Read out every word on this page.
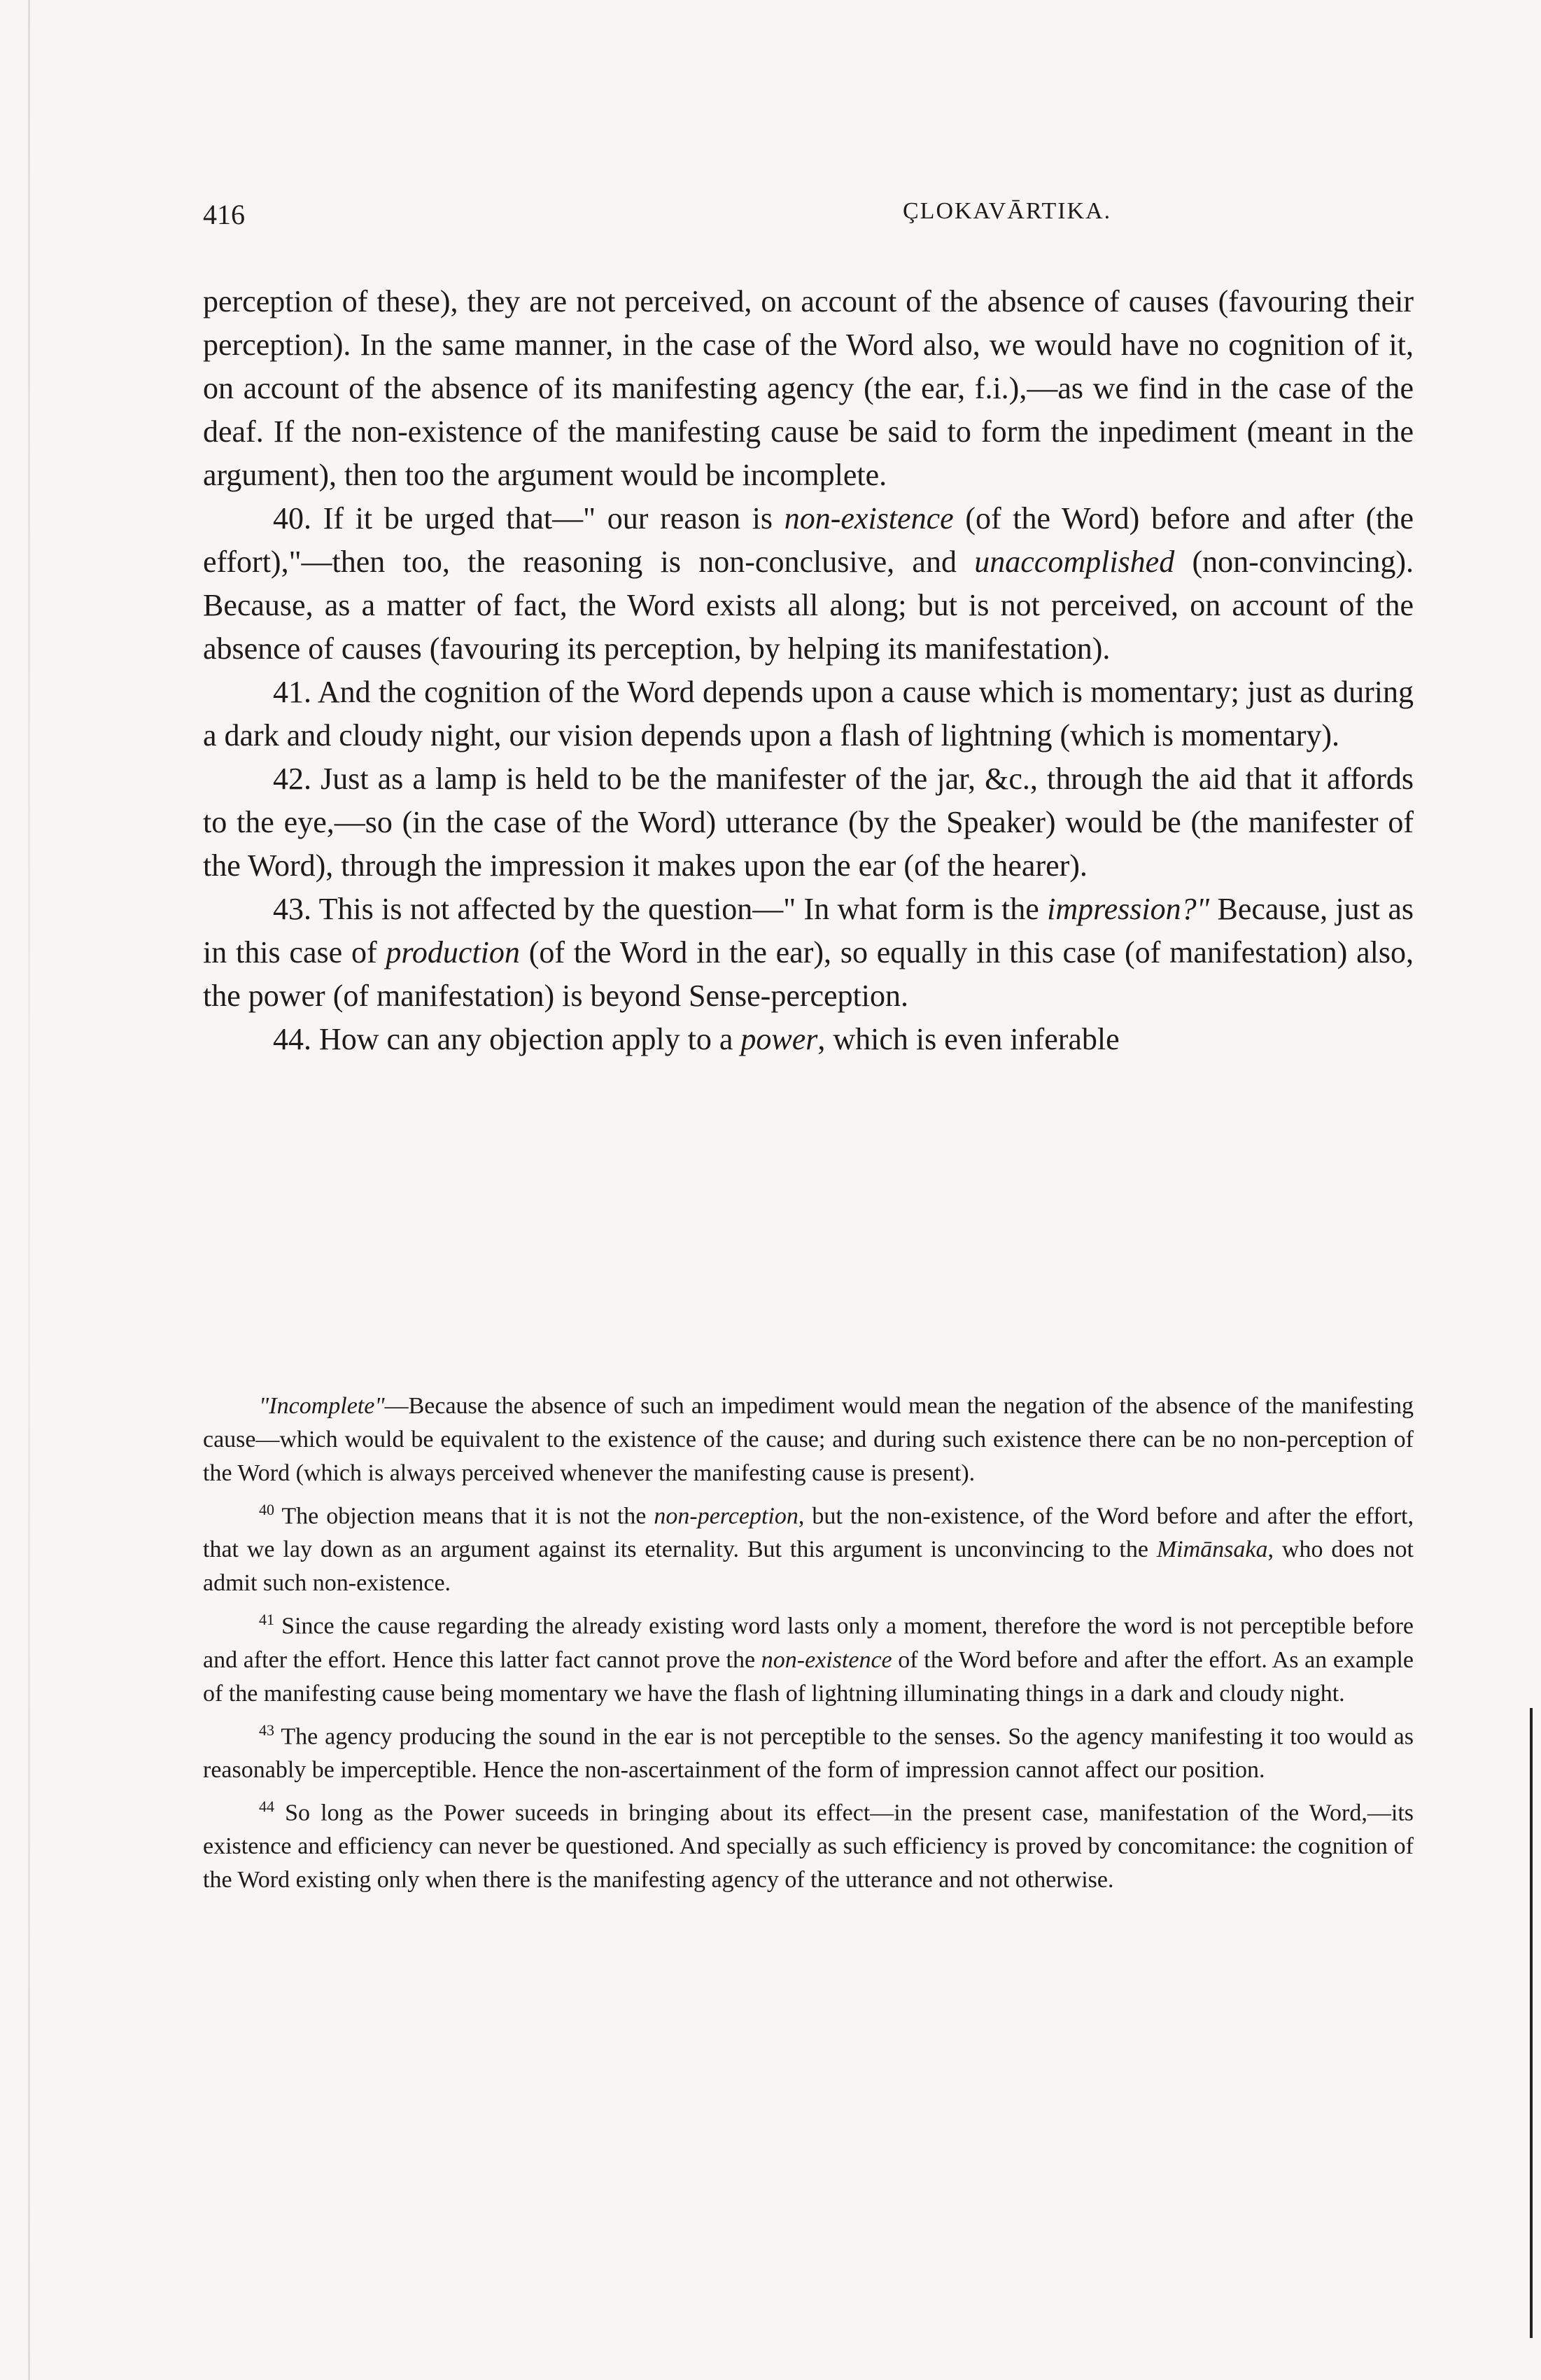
416	ÇLOKAVĀRTIKA.

perception of these), they are not perceived, on account of the absence of causes (favouring their perception). In the same manner, in the case of the Word also, we would have no cognition of it, on account of the absence of its manifesting agency (the ear, f.i.),—as we find in the case of the deaf. If the non-existence of the manifesting cause be said to form the inpediment (meant in the argument), then too the argument would be incomplete.

40. If it be urged that—" our reason is non-existence (of the Word) before and after (the effort),"—then too, the reasoning is non-conclusive, and unaccomplished (non-convincing). Because, as a matter of fact, the Word exists all along; but is not perceived, on account of the absence of causes (favouring its perception, by helping its manifestation).

41. And the cognition of the Word depends upon a cause which is momentary; just as during a dark and cloudy night, our vision depends upon a flash of lightning (which is momentary).

42. Just as a lamp is held to be the manifester of the jar, &c., through the aid that it affords to the eye,—so (in the case of the Word) utterance (by the Speaker) would be (the manifester of the Word), through the impression it makes upon the ear (of the hearer).

43. This is not affected by the question—" In what form is the impression?" Because, just as in this case of production (of the Word in the ear), so equally in this case (of manifestation) also, the power (of manifestation) is beyond Sense-perception.

44. How can any objection apply to a power, which is even inferable

"Incomplete"—Because the absence of such an impediment would mean the negation of the absence of the manifesting cause—which would be equivalent to the existence of the cause; and during such existence there can be no non-perception of the Word (which is always perceived whenever the manifesting cause is present).

$^{40}$ The objection means that it is not the non-perception, but the non-existence, of the Word before and after the effort, that we lay down as an argument against its eternality. But this argument is unconvincing to the Mimānsaka, who does not admit such non-existence.

$^{41}$ Since the cause regarding the already existing word lasts only a moment, therefore the word is not perceptible before and after the effort. Hence this latter fact cannot prove the non-existence of the Word before and after the effort. As an example of the manifesting cause being momentary we have the flash of lightning illuminating things in a dark and cloudy night.

$^{43}$ The agency producing the sound in the ear is not perceptible to the senses. So the agency manifesting it too would as reasonably be imperceptible. Hence the non-ascertainment of the form of impression cannot affect our position.

$^{44}$ So long as the Power suceeds in bringing about its effect—in the present case, manifestation of the Word,—its existence and efficiency can never be questioned. And specially as such efficiency is proved by concomitance: the cognition of the Word existing only when there is the manifesting agency of the utterance and not otherwise.
